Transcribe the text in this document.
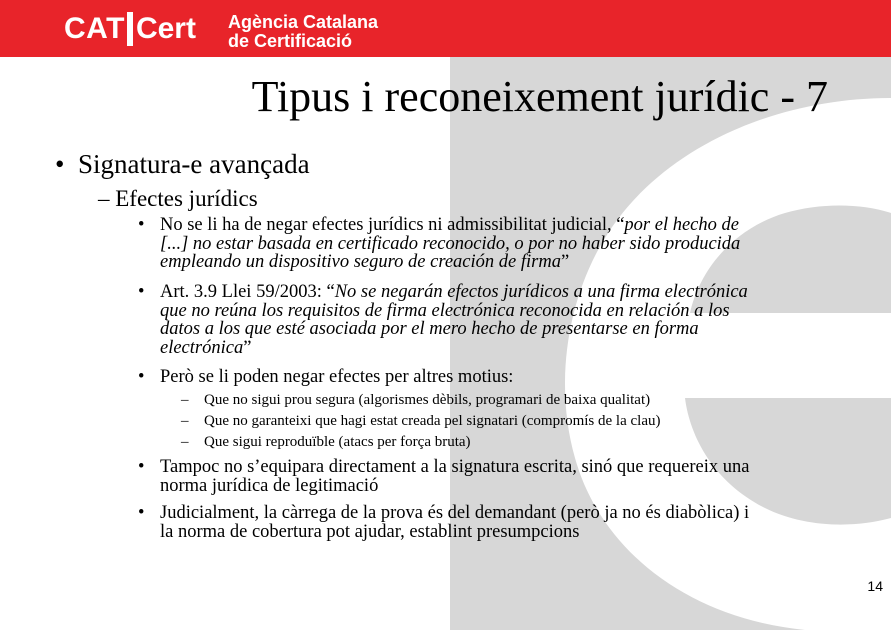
CAT Cert Agència Catalana
de Certificació
Tipus i reconeixement jurídic - 7
• Signatura-e avançada
– Efectes jurídics
• No se li ha de negar efectes jurídics ni admissibilitat judicial, “por el hecho de
[...] no estar basada en certificado reconocido, o por no haber sido producida
empleando un dispositivo seguro de creación de firma”
• Art. 3.9 Llei 59/2003: “No se negarán efectos jurídicos a una firma electrónica
que no reúna los requisitos de firma electrónica reconocida en relación a los
datos a los que esté asociada por el mero hecho de presentarse en forma
electrónica”
• Però se li poden negar efectes per altres motius:
– Que no sigui prou segura (algorismes dèbils, programari de baixa qualitat)
– Que no garanteixi que hagi estat creada pel signatari (compromís de la clau)
– Que sigui reproduïble (atacs per força bruta)
• Tampoc no s’equipara directament a la signatura escrita, sinó que requereix una
norma jurídica de legitimació
• Judicialment, la càrrega de la prova és del demandant (però ja no és diabòlica) i
la norma de cobertura pot ajudar, establint presumpcions
14
